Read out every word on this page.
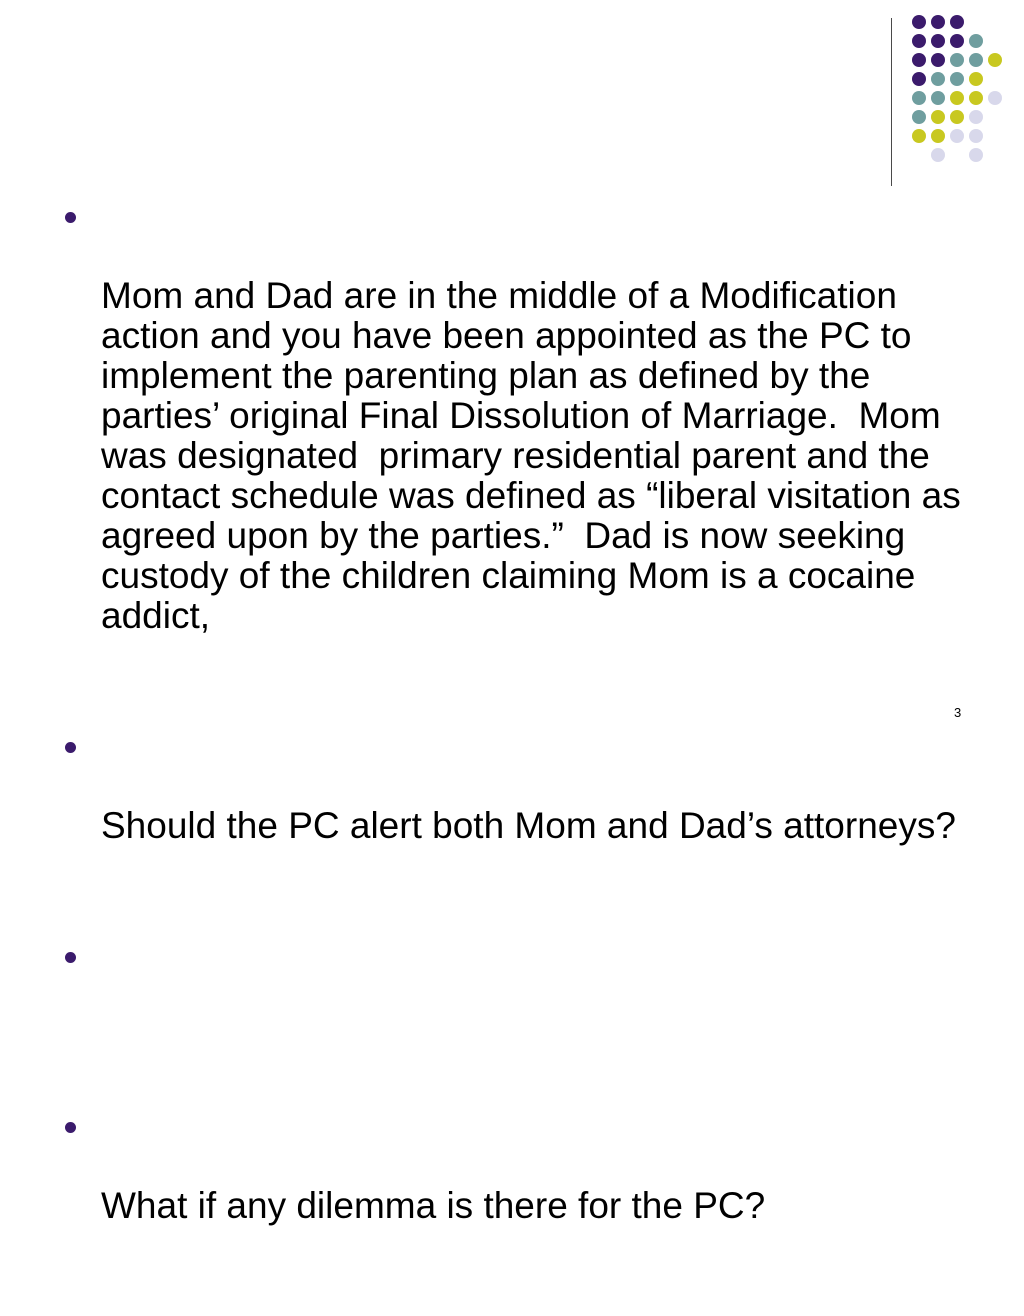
Mom and Dad are in the middle of a Modification action and you have been appointed as the PC to implement the parenting plan as defined by the parties’ original Final Dissolution of Marriage.  Mom was designated  primary residential parent and the contact schedule was defined as “liberal visitation as agreed upon by the parties.”  Dad is now seeking custody of the children claiming Mom is a cocaine addict,

Should the PC alert both Mom and Dad’s attorneys?

What if any dilemma is there for the PC?

3
